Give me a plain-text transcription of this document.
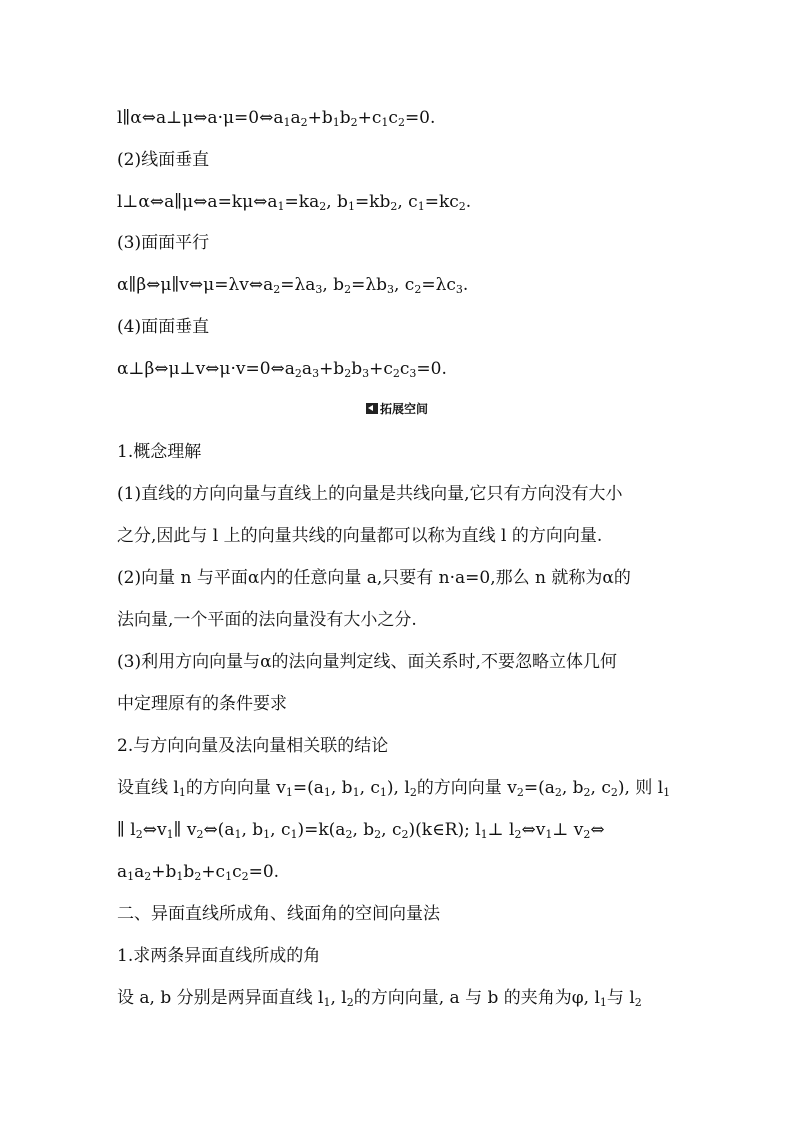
$l\parallel\alpha\Leftrightarrow a\perp\mu\Leftrightarrow a\cdot\mu=0\Leftrightarrow a_1a_2+b_1b_2+c_1c_2=0$.
(2)线面垂直
$l\perp\alpha\Leftrightarrow a\parallel\mu\Leftrightarrow a=k\mu\Leftrightarrow a_1=ka_2$, $b_1=kb_2$, $c_1=kc_2$.
(3)面面平行
$\alpha\parallel\beta\Leftrightarrow\mu\parallel v\Leftrightarrow\mu=\lambda v\Leftrightarrow a_2=\lambda a_3$, $b_2=\lambda b_3$, $c_2=\lambda c_3$.
(4)面面垂直
$\alpha\perp\beta\Leftrightarrow\mu\perp v\Leftrightarrow\mu\cdot v=0\Leftrightarrow a_2a_3+b_2b_3+c_2c_3=0$.
拓展空间
1.概念理解
(1)直线的方向向量与直线上的向量是共线向量,它只有方向没有大小
之分,因此与 l 上的向量共线的向量都可以称为直线 l 的方向向量.
(2)向量 n 与平面α内的任意向量 a,只要有 n·a=0,那么 n 就称为α的
法向量,一个平面的法向量没有大小之分.
(3)利用方向向量与α的法向量判定线、面关系时,不要忽略立体几何
中定理原有的条件要求
2.与方向向量及法向量相关联的结论
设直线 $l_1$的方向向量 $v_1=(a_1$, $b_1$, $c_1$), $l_2$的方向向量 $v_2=(a_2$, $b_2$, $c_2$), 则 $l_1$
∥ $l_2\Leftrightarrow v_1\parallel$ $v_2\Leftrightarrow(a_1$, $b_1$, $c_1)=k(a_2$, $b_2$, $c_2)(k\in R)$; $l_1\perp$ $l_2\Leftrightarrow v_1\perp$ $v_2\Leftrightarrow$
$a_1a_2+b_1b_2+c_1c_2=0$.
二、异面直线所成角、线面角的空间向量法
1.求两条异面直线所成的角
设 a, b 分别是两异面直线 $l_1$, $l_2$的方向向量, a 与 b 的夹角为φ, $l_1$与 $l_2$
